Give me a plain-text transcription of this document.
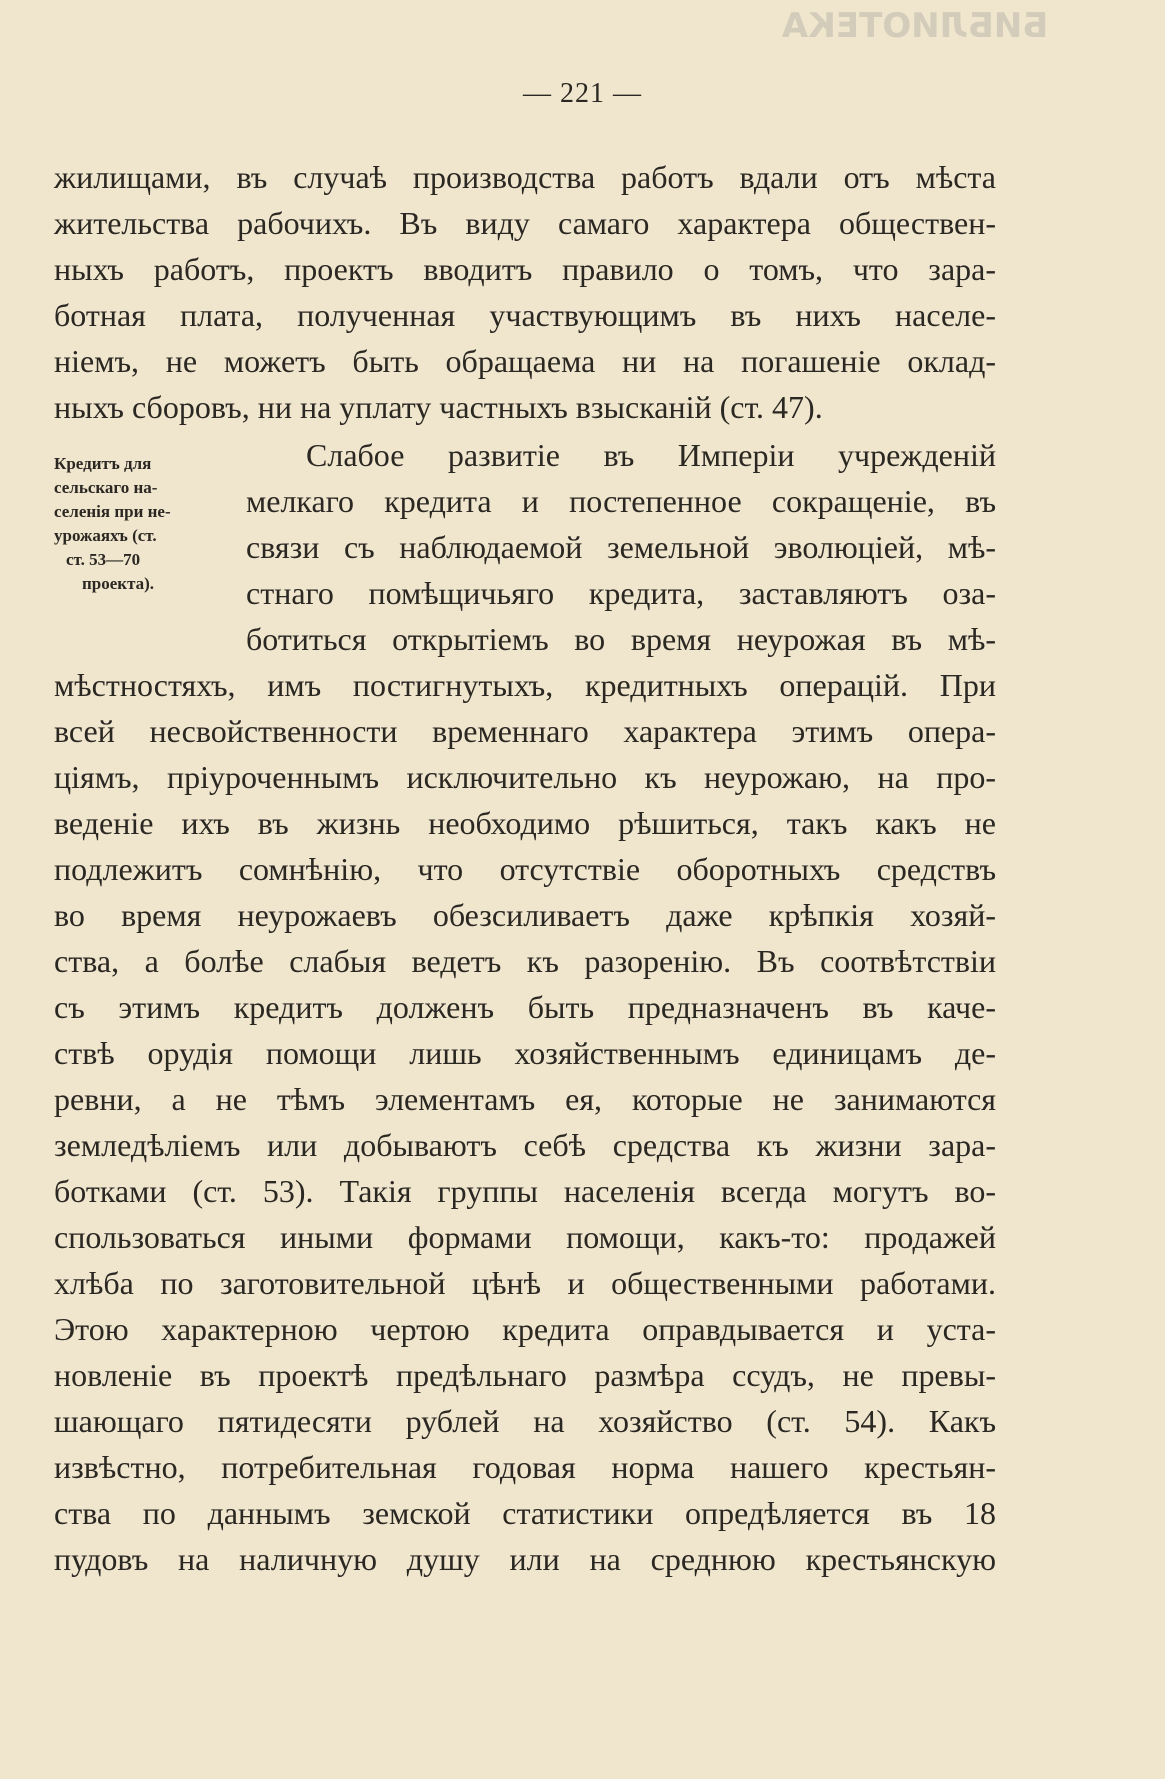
БИБЛИОТЕКА
— 221 —
жилищами, въ случаѣ производства работъ вдали отъ мѣста
жительства рабочихъ. Въ виду самаго характера обществен-
ныхъ работъ, проектъ вводитъ правило о томъ, что зара-
ботная плата, полученная участвующимъ въ нихъ населе-
ніемъ, не можетъ быть обращаема ни на погашеніе оклад-
ныхъ сборовъ, ни на уплату частныхъ взысканій (ст. 47).
Кредитъ для
сельскаго на-
селенія при не-
урожаяхъ (ст.
ст. 53—70
проекта).
Слабое развитіе въ Имперіи учрежденій
мелкаго кредита и постепенное сокращеніе, въ
связи съ наблюдаемой земельной эволюціей, мѣ-
стнаго помѣщичьяго кредита, заставляютъ оза-
ботиться открытіемъ во время неурожая въ мѣ-
мѣстностяхъ, имъ постигнутыхъ, кредитныхъ операцій. При
всей несвойственности временнаго характера этимъ опера-
ціямъ, пріуроченнымъ исключительно къ неурожаю, на про-
веденіе ихъ въ жизнь необходимо рѣшиться, такъ какъ не
подлежитъ сомнѣнію, что отсутствіе оборотныхъ средствъ
во время неурожаевъ обезсиливаетъ даже крѣпкія хозяй-
ства, а болѣе слабыя ведетъ къ разоренію. Въ соотвѣтствіи
съ этимъ кредитъ долженъ быть предназначенъ въ каче-
ствѣ орудія помощи лишь хозяйственнымъ единицамъ де-
ревни, а не тѣмъ элементамъ ея, которые не занимаются
земледѣліемъ или добываютъ себѣ средства къ жизни зара-
ботками (ст. 53). Такія группы населенія всегда могутъ во-
спользоваться иными формами помощи, какъ-то: продажей
хлѣба по заготовительной цѣнѣ и общественными работами.
Этою характерною чертою кредита оправдывается и уста-
новленіе въ проектѣ предѣльнаго размѣра ссудъ, не превы-
шающаго пятидесяти рублей на хозяйство (ст. 54). Какъ
извѣстно, потребительная годовая норма нашего крестьян-
ства по даннымъ земской статистики опредѣляется въ 18
пудовъ на наличную душу или на среднюю крестьянскую
